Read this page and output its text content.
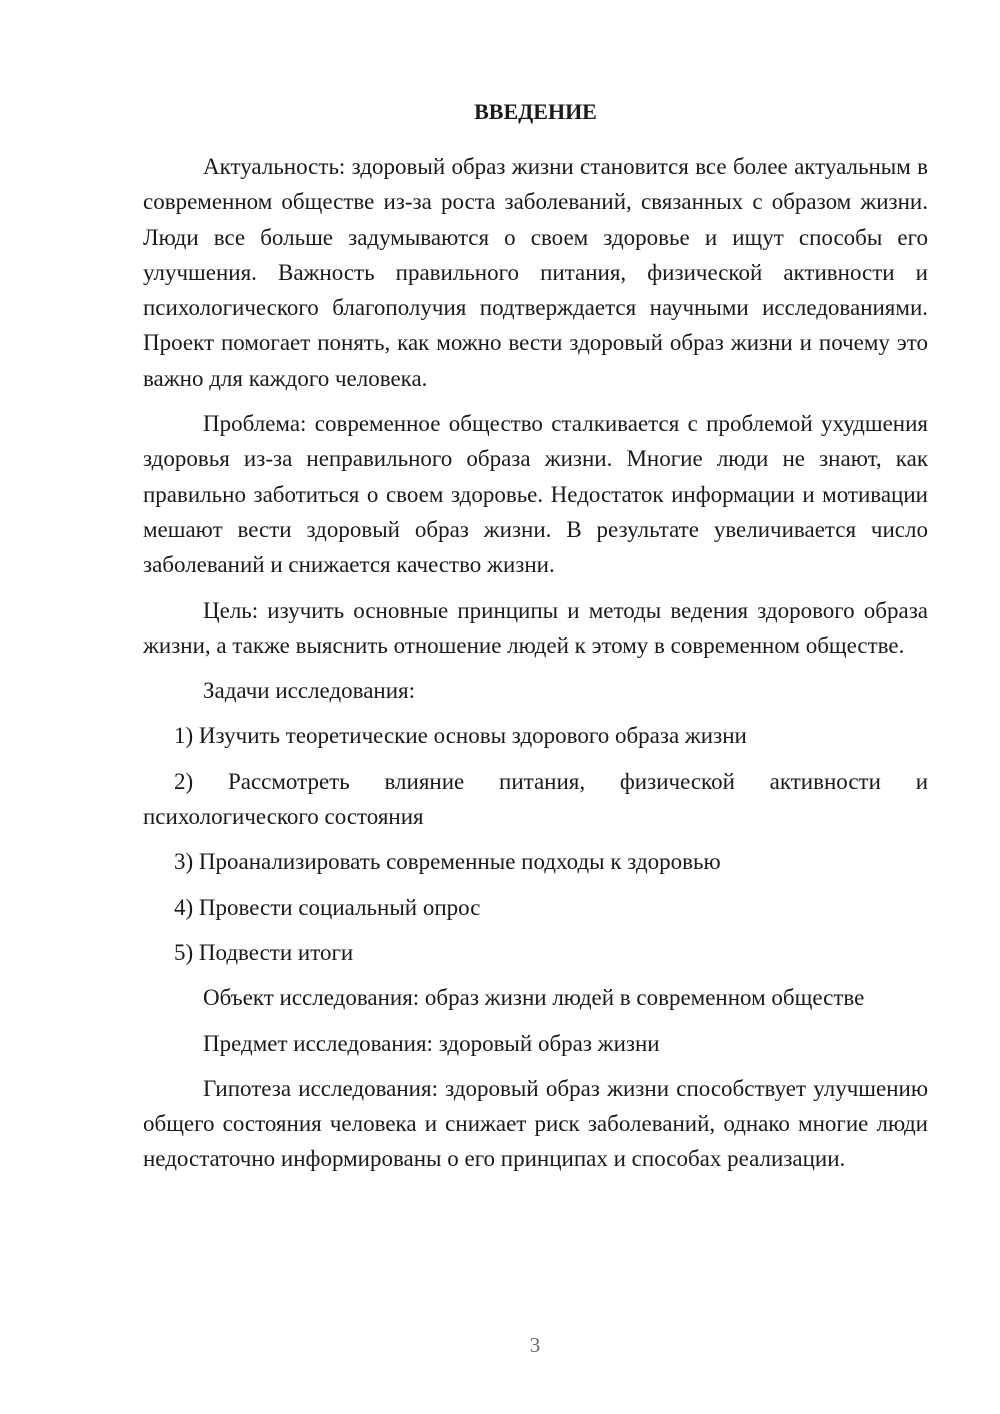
ВВЕДЕНИЕ

Актуальность: здоровый образ жизни становится все более актуальным в современном обществе из-за роста заболеваний, связанных с образом жизни. Люди все больше задумываются о своем здоровье и ищут способы его улучшения. Важность правильного питания, физической активности и психологического благополучия подтверждается научными исследованиями. Проект помогает понять, как можно вести здоровый образ жизни и почему это важно для каждого человека.

Проблема: современное общество сталкивается с проблемой ухудшения здоровья из-за неправильного образа жизни. Многие люди не знают, как правильно заботиться о своем здоровье. Недостаток информации и мотивации мешают вести здоровый образ жизни. В результате увеличивается число заболеваний и снижается качество жизни.

Цель: изучить основные принципы и методы ведения здорового образа жизни, а также выяснить отношение людей к этому в современном обществе.

Задачи исследования:

1) Изучить теоретические основы здорового образа жизни

2) Рассмотреть влияние питания, физической активности и психологического состояния

3) Проанализировать современные подходы к здоровью

4) Провести социальный опрос

5) Подвести итоги

Объект исследования: образ жизни людей в современном обществе

Предмет исследования: здоровый образ жизни

Гипотеза исследования: здоровый образ жизни способствует улучшению общего состояния человека и снижает риск заболеваний, однако многие люди недостаточно информированы о его принципах и способах реализации.

3
